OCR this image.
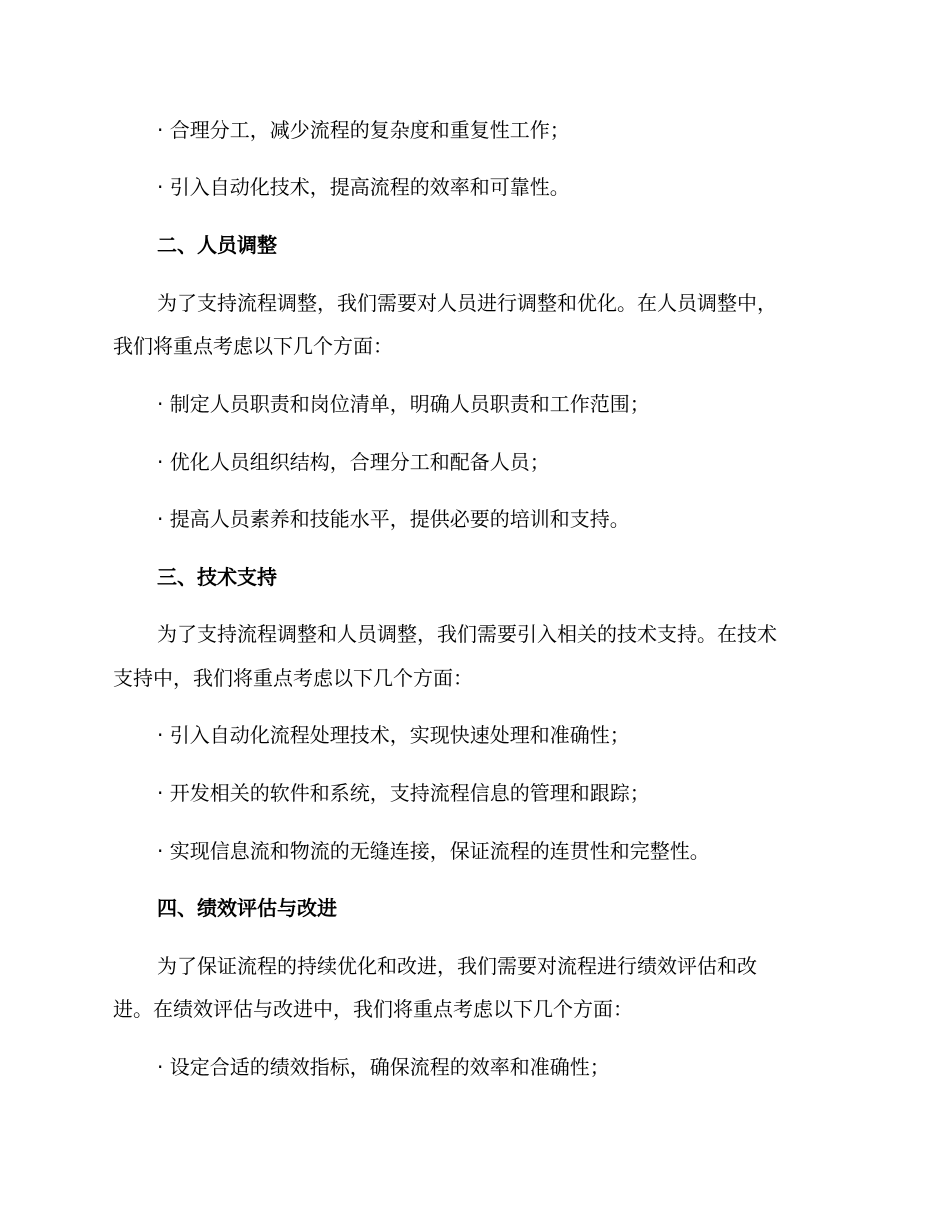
· 合理分工，减少流程的复杂度和重复性工作；
· 引入自动化技术，提高流程的效率和可靠性。
二、人员调整
为了支持流程调整，我们需要对人员进行调整和优化。在人员调整中，
我们将重点考虑以下几个方面：
· 制定人员职责和岗位清单，明确人员职责和工作范围；
· 优化人员组织结构，合理分工和配备人员；
· 提高人员素养和技能水平，提供必要的培训和支持。
三、技术支持
为了支持流程调整和人员调整，我们需要引入相关的技术支持。在技术
支持中，我们将重点考虑以下几个方面：
· 引入自动化流程处理技术，实现快速处理和准确性；
· 开发相关的软件和系统，支持流程信息的管理和跟踪；
· 实现信息流和物流的无缝连接，保证流程的连贯性和完整性。
四、绩效评估与改进
为了保证流程的持续优化和改进，我们需要对流程进行绩效评估和改
进。在绩效评估与改进中，我们将重点考虑以下几个方面：
· 设定合适的绩效指标，确保流程的效率和准确性；
